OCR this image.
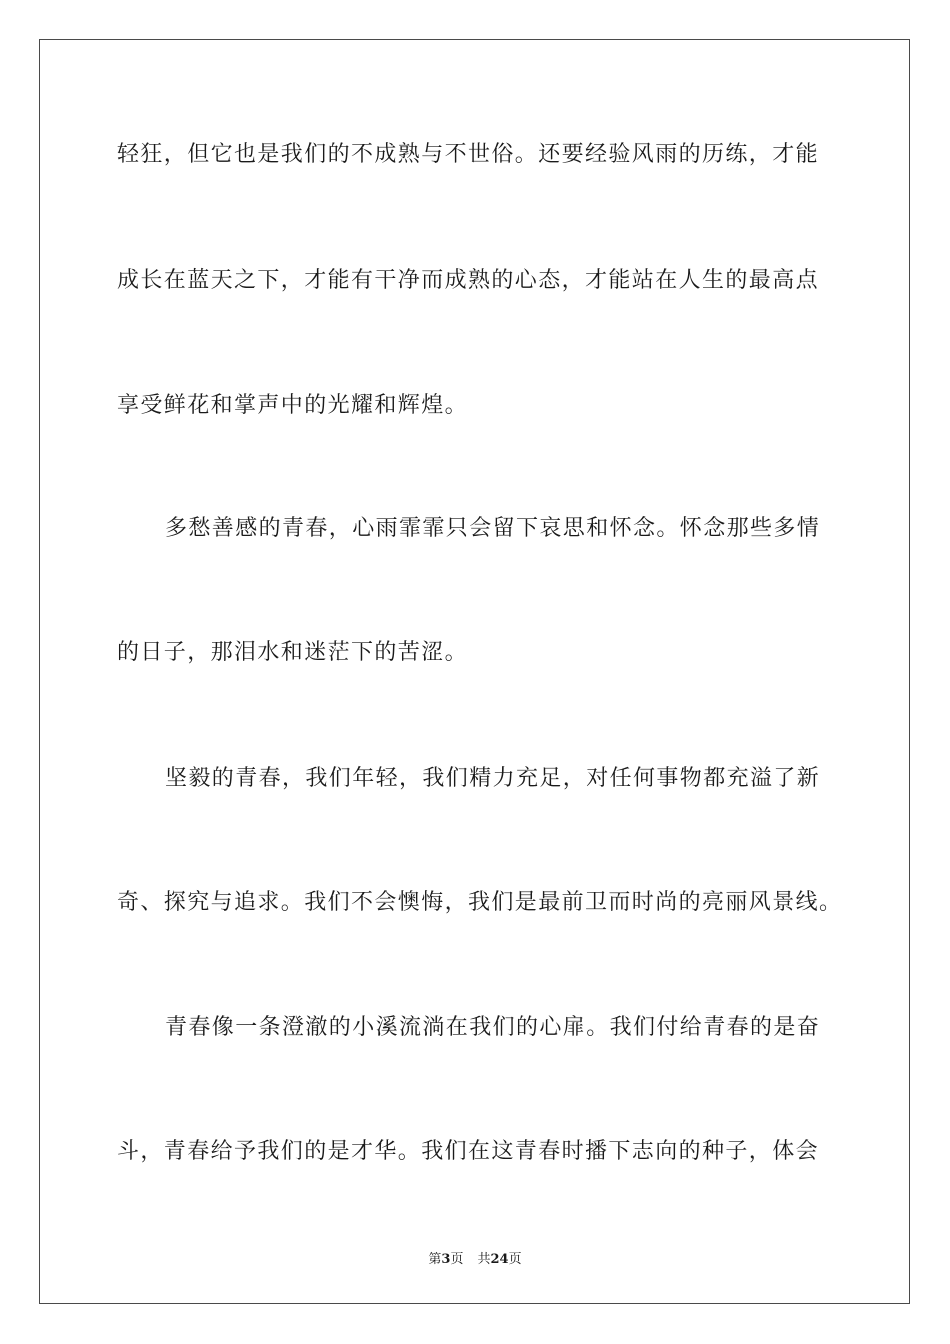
轻狂，但它也是我们的不成熟与不世俗。还要经验风雨的历练，才能
成长在蓝天之下，才能有干净而成熟的心态，才能站在人生的最高点
享受鲜花和掌声中的光耀和辉煌。
多愁善感的青春，心雨霏霏只会留下哀思和怀念。怀念那些多情
的日子，那泪水和迷茫下的苦涩。
坚毅的青春，我们年轻，我们精力充足，对任何事物都充溢了新
奇、探究与追求。我们不会懊悔，我们是最前卫而时尚的亮丽风景线。
青春像一条澄澈的小溪流淌在我们的心扉。我们付给青春的是奋
斗，青春给予我们的是才华。我们在这青春时播下志向的种子，体会
第3页 共24页
